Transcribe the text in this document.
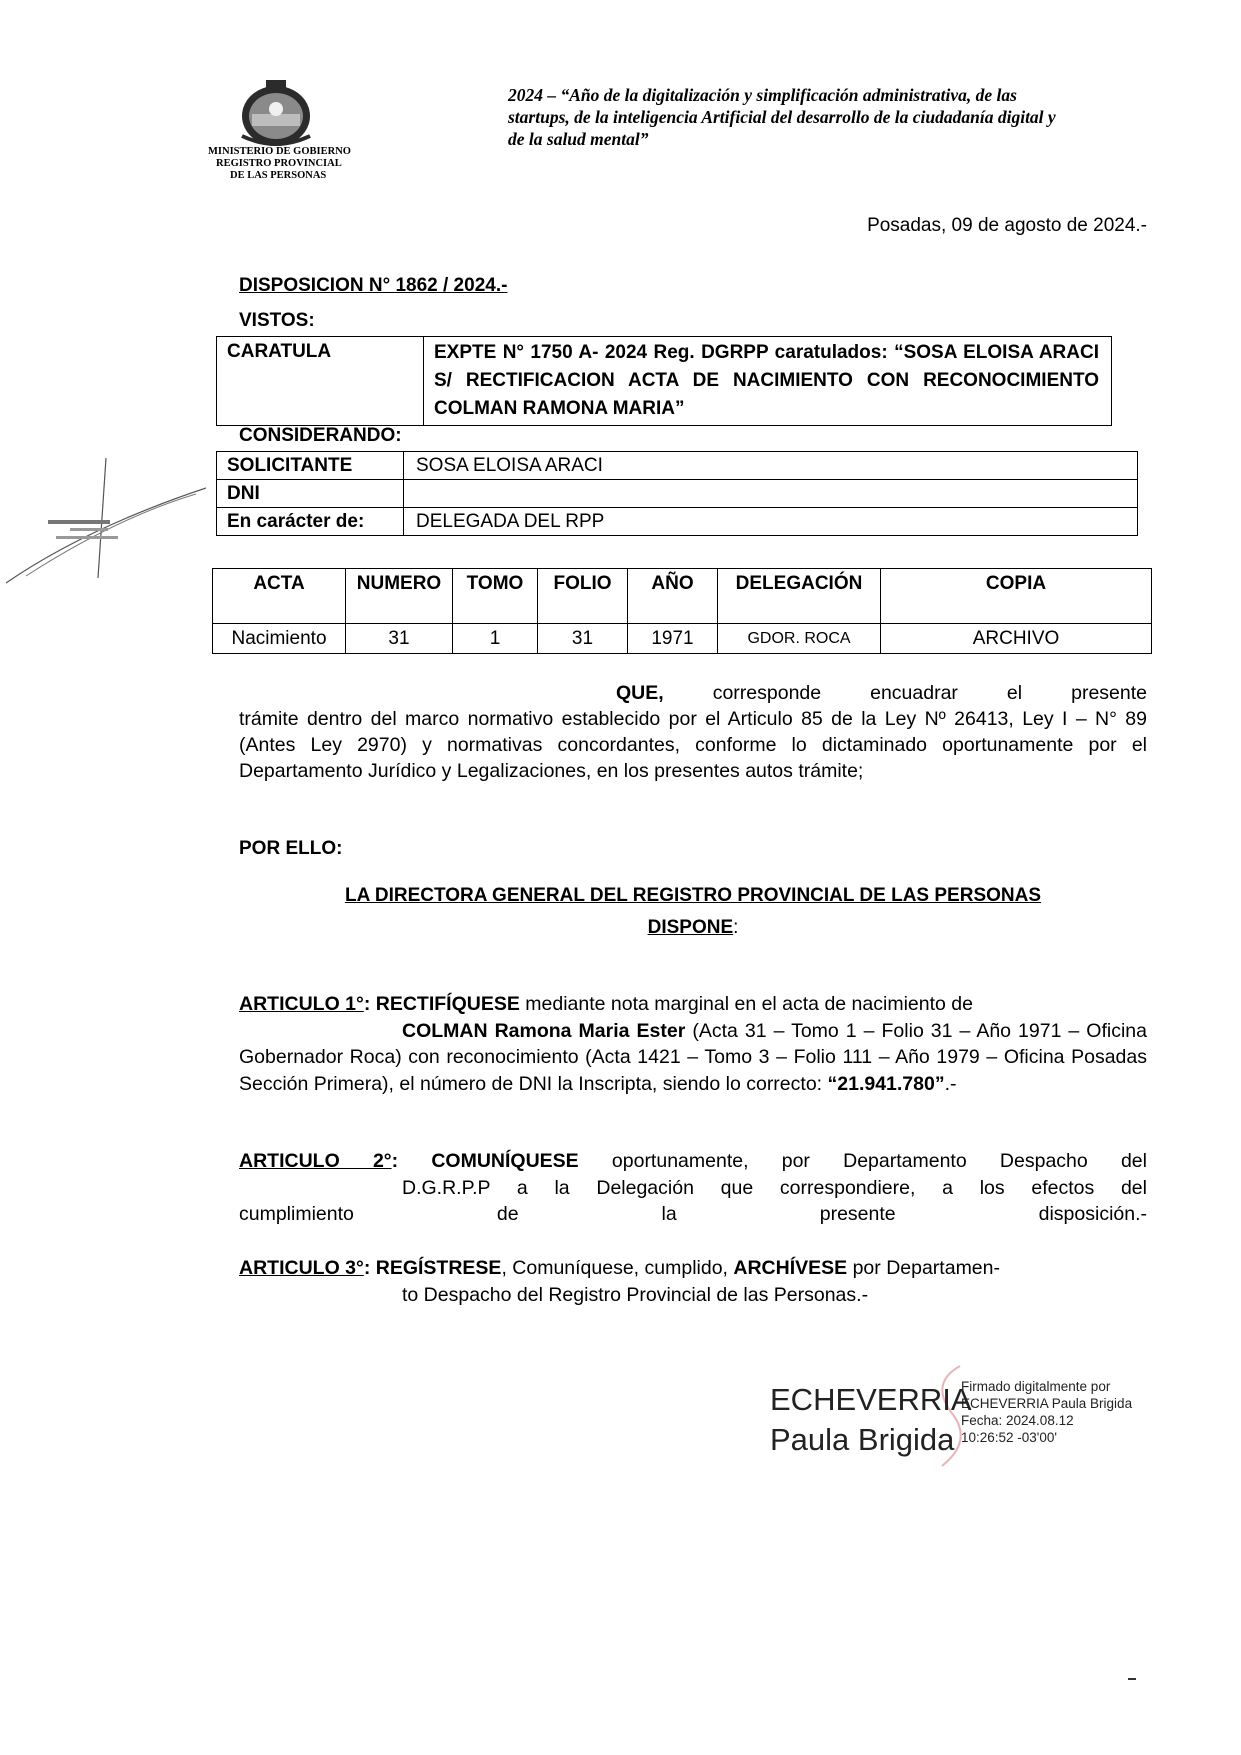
MINISTERIO DE GOBIERNO
REGISTRO PROVINCIAL
DE LAS PERSONAS
2024 – “Año de la digitalización y simplificación administrativa, de las
startups, de la inteligencia Artificial del desarrollo de la ciudadanía digital y
de la salud mental”
Posadas, 09 de agosto de 2024.-
DISPOSICION N° 1862 / 2024.-
VISTOS:
CARATULA	EXPTE N° 1750 A- 2024 Reg. DGRPP caratulados: “SOSA ELOISA ARACI S/ RECTIFICACION ACTA DE NACIMIENTO CON RECONOCIMIENTO COLMAN RAMONA MARIA”
CONSIDERANDO:
SOLICITANTE	SOSA ELOISA ARACI
DNI	
En carácter de:	DELEGADA DEL RPP
ACTA	NUMERO	TOMO	FOLIO	AÑO	DELEGACIÓN	COPIA
Nacimiento	31	1	31	1971	GDOR. ROCA	ARCHIVO
QUE,	corresponde encuadrar el presente
trámite dentro del marco normativo establecido por el Articulo 85 de la Ley Nº 26413, Ley I – N° 89 (Antes Ley 2970) y normativas concordantes, conforme lo dictaminado oportunamente por el Departamento Jurídico y Legalizaciones, en los presentes autos trámite;
POR ELLO:
LA DIRECTORA GENERAL DEL REGISTRO PROVINCIAL DE LAS PERSONAS
DISPONE:
ARTICULO 1°: RECTIFÍQUESE mediante nota marginal en el acta de nacimiento de
COLMAN Ramona Maria Ester (Acta 31 – Tomo 1 – Folio 31 – Año 1971 – Oficina Gobernador Roca) con reconocimiento (Acta 1421 – Tomo 3 – Folio 111 – Año 1979 – Oficina Posadas Sección Primera), el número de DNI la Inscripta, siendo lo correcto: “21.941.780”.-
ARTICULO 2°: COMUNÍQUESE oportunamente, por Departamento Despacho del
D.G.R.P.P a la Delegación que correspondiere, a los efectos del
cumplimiento de la presente disposición.-
ARTICULO 3°: REGÍSTRESE, Comuníquese, cumplido, ARCHÍVESE por Departamen-
to Despacho del Registro Provincial de las Personas.-
ECHEVERRIA
Paula Brigida
Firmado digitalmente por
ECHEVERRIA Paula Brigida
Fecha: 2024.08.12
10:26:52 -03'00'
